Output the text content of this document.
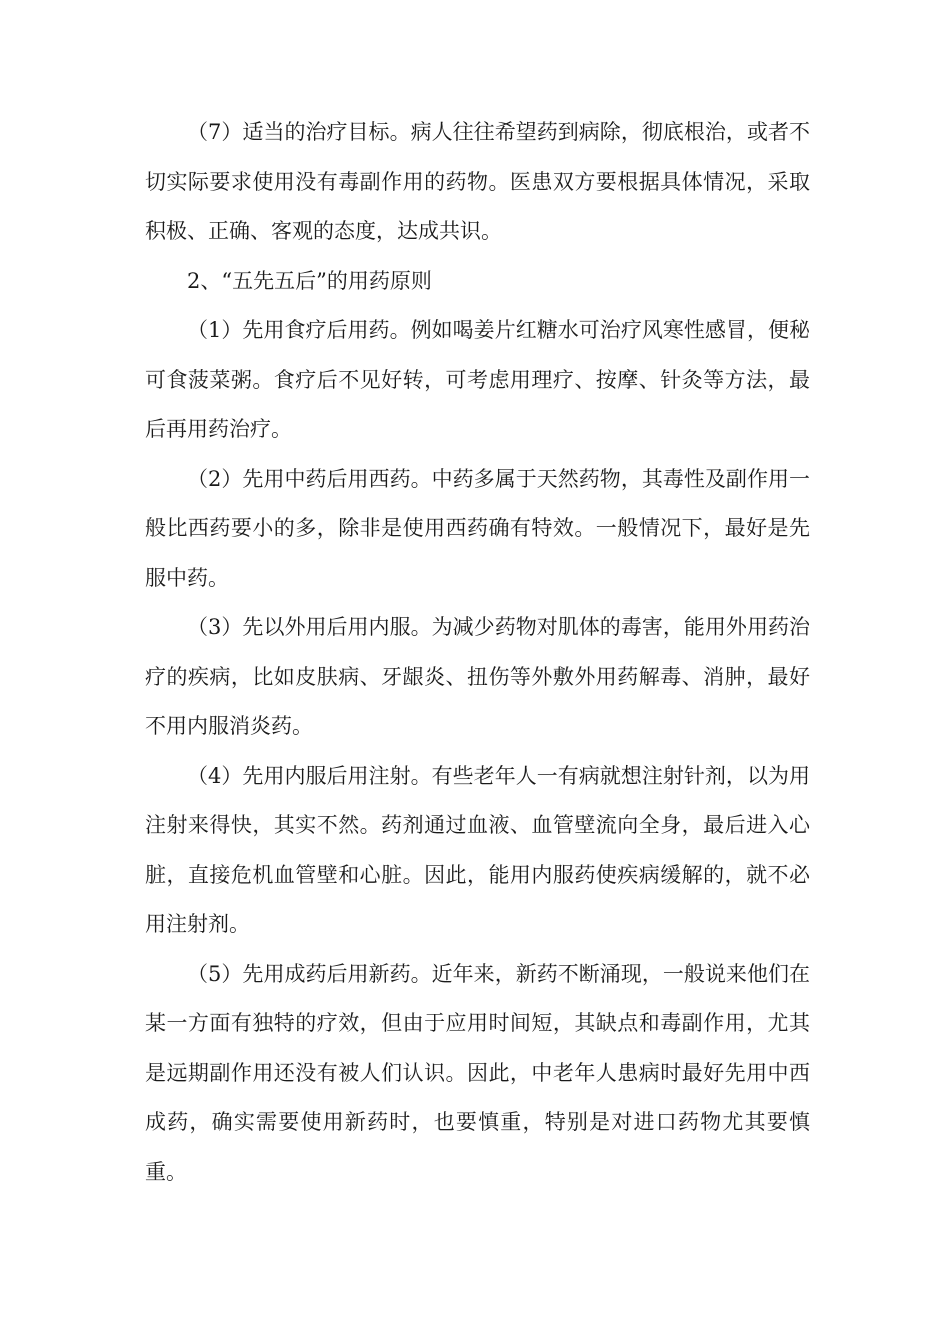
（7）适当的治疗目标。病人往往希望药到病除，彻底根治，或者不切实际要求使用没有毒副作用的药物。医患双方要根据具体情况，采取积极、正确、客观的态度，达成共识。

2、“五先五后”的用药原则

（1）先用食疗后用药。例如喝姜片红糖水可治疗风寒性感冒，便秘可食菠菜粥。食疗后不见好转，可考虑用理疗、按摩、针灸等方法，最后再用药治疗。

（2）先用中药后用西药。中药多属于天然药物，其毒性及副作用一般比西药要小的多，除非是使用西药确有特效。一般情况下，最好是先服中药。

（3）先以外用后用内服。为减少药物对肌体的毒害，能用外用药治疗的疾病，比如皮肤病、牙龈炎、扭伤等外敷外用药解毒、消肿，最好不用内服消炎药。

（4）先用内服后用注射。有些老年人一有病就想注射针剂，以为用注射来得快，其实不然。药剂通过血液、血管壁流向全身，最后进入心脏，直接危机血管壁和心脏。因此，能用内服药使疾病缓解的，就不必用注射剂。

（5）先用成药后用新药。近年来，新药不断涌现，一般说来他们在某一方面有独特的疗效，但由于应用时间短，其缺点和毒副作用，尤其是远期副作用还没有被人们认识。因此，中老年人患病时最好先用中西成药，确实需要使用新药时，也要慎重，特别是对进口药物尤其要慎重。
